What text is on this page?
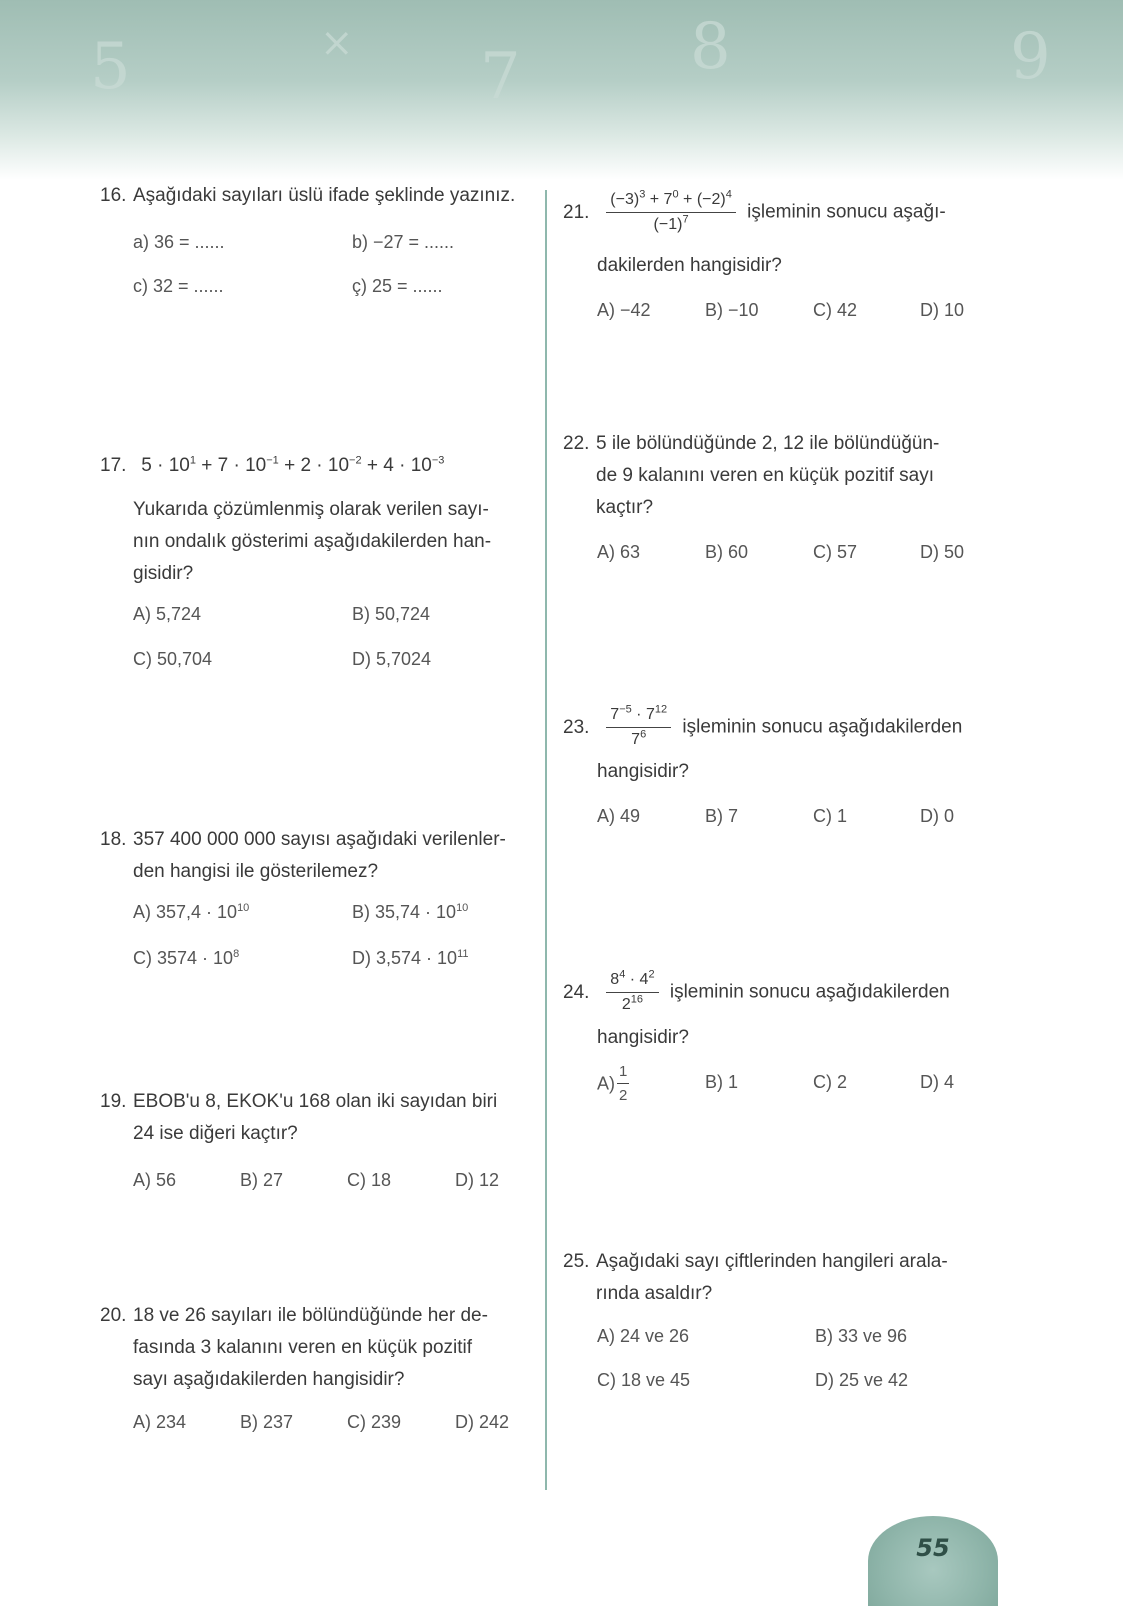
5	× 7	8	9
16. Aşağıdaki sayıları üslü ifade şeklinde yazınız.
a) 36 = ......	b) −27 = ......
c) 32 = ......	ç) 25 = ......
17. $5 \cdot 10^1 + 7 \cdot 10^{-1} + 2 \cdot 10^{-2} + 4 \cdot 10^{-3}$
Yukarıda çözümlenmiş olarak verilen sayı-
nın ondalık gösterimi aşağıdakilerden han-
gisidir?
A) 5,724	B) 50,724
C) 50,704	D) 5,7024
18. 357 400 000 000 sayısı aşağıdaki verilenler-
den hangisi ile gösterilemez?
A) $357,4 \cdot 10^{10}$	B) $35,74 \cdot 10^{10}$
C) $3574 \cdot 10^8$	D) $3,574 \cdot 10^{11}$
19. EBOB'u 8, EKOK'u 168 olan iki sayıdan biri
24 ise diğeri kaçtır?
A) 56	B) 27	C) 18	D) 12
20. 18 ve 26 sayıları ile bölündüğünde her de-
fasında 3 kalanını veren en küçük pozitif
sayı aşağıdakilerden hangisidir?
A) 234	B) 237	C) 239	D) 242
21. $\frac{(-3)^3 + 7^0 + (-2)^4}{(-1)^7}$ işleminin sonucu aşağı-
dakilerden hangisidir?
A) −42	B) −10	C) 42	D) 10
22. 5 ile bölündüğünde 2, 12 ile bölündüğün-
de 9 kalanını veren en küçük pozitif sayı
kaçtır?
A) 63	B) 60	C) 57	D) 50
23. $\frac{7^{-5} \cdot 7^{12}}{7^6}$ işleminin sonucu aşağıdakilerden
hangisidir?
A) 49	B) 7	C) 1	D) 0
24. $\frac{8^4 \cdot 4^2}{2^{16}}$ işleminin sonucu aşağıdakilerden
hangisidir?
$A) \frac{1}{2}$	B) 1	C) 2	D) 4
25. Aşağıdaki sayı çiftlerinden hangileri arala-
rında asaldır?
A) 24 ve 26	B) 33 ve 96
C) 18 ve 45	D) 25 ve 42
55
